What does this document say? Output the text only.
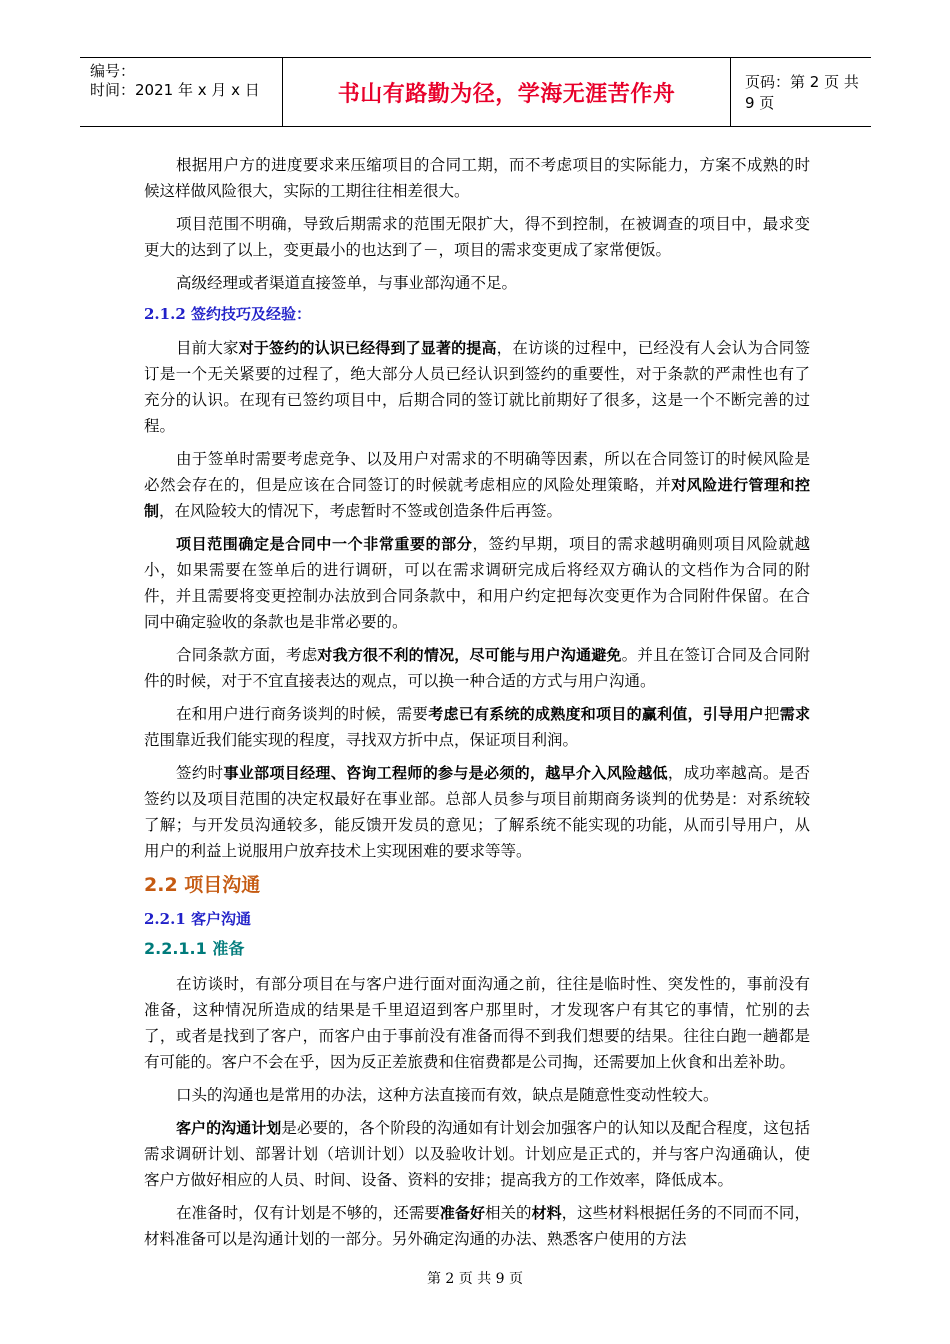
编号：
时间：2021 年 x 月 x 日	书山有路勤为径，学海无涯苦作舟	页码：第 2 页 共 9 页

根据用户方的进度要求来压缩项目的合同工期，而不考虑项目的实际能力，方案不成熟的时候这样做风险很大，实际的工期往往相差很大。

项目范围不明确，导致后期需求的范围无限扩大，得不到控制，在被调查的项目中，最求变更大的达到了以上，变更最小的也达到了－，项目的需求变更成了家常便饭。

高级经理或者渠道直接签单，与事业部沟通不足。

2.1.2 签约技巧及经验：

目前大家对于签约的认识已经得到了显著的提高，在访谈的过程中，已经没有人会认为合同签订是一个无关紧要的过程了，绝大部分人员已经认识到签约的重要性，对于条款的严肃性也有了充分的认识。在现有已签约项目中，后期合同的签订就比前期好了很多，这是一个不断完善的过程。

由于签单时需要考虑竞争、以及用户对需求的不明确等因素，所以在合同签订的时候风险是必然会存在的，但是应该在合同签订的时候就考虑相应的风险处理策略，并对风险进行管理和控制，在风险较大的情况下，考虑暂时不签或创造条件后再签。

项目范围确定是合同中一个非常重要的部分，签约早期，项目的需求越明确则项目风险就越小，如果需要在签单后的进行调研，可以在需求调研完成后将经双方确认的文档作为合同的附件，并且需要将变更控制办法放到合同条款中，和用户约定把每次变更作为合同附件保留。在合同中确定验收的条款也是非常必要的。

合同条款方面，考虑对我方很不利的情况，尽可能与用户沟通避免。并且在签订合同及合同附件的时候，对于不宜直接表达的观点，可以换一种合适的方式与用户沟通。

在和用户进行商务谈判的时候，需要考虑已有系统的成熟度和项目的赢利值，引导用户把需求范围靠近我们能实现的程度，寻找双方折中点，保证项目利润。

签约时事业部项目经理、咨询工程师的参与是必须的，越早介入风险越低，成功率越高。是否签约以及项目范围的决定权最好在事业部。总部人员参与项目前期商务谈判的优势是：对系统较了解；与开发员沟通较多，能反馈开发员的意见；了解系统不能实现的功能，从而引导用户，从用户的利益上说服用户放弃技术上实现困难的要求等等。

2.2 项目沟通
2.2.1 客户沟通
2.2.1.1 准备

在访谈时，有部分项目在与客户进行面对面沟通之前，往往是临时性、突发性的，事前没有准备，这种情况所造成的结果是千里迢迢到客户那里时，才发现客户有其它的事情，忙别的去了，或者是找到了客户，而客户由于事前没有准备而得不到我们想要的结果。往往白跑一趟都是有可能的。客户不会在乎，因为反正差旅费和住宿费都是公司掏，还需要加上伙食和出差补助。

口头的沟通也是常用的办法，这种方法直接而有效，缺点是随意性变动性较大。

客户的沟通计划是必要的，各个阶段的沟通如有计划会加强客户的认知以及配合程度，这包括需求调研计划、部署计划（培训计划）以及验收计划。计划应是正式的，并与客户沟通确认，使客户方做好相应的人员、时间、设备、资料的安排；提高我方的工作效率，降低成本。

在准备时，仅有计划是不够的，还需要准备好相关的材料，这些材料根据任务的不同而不同，材料准备可以是沟通计划的一部分。另外确定沟通的办法、熟悉客户使用的方法

第 2 页 共 9 页
